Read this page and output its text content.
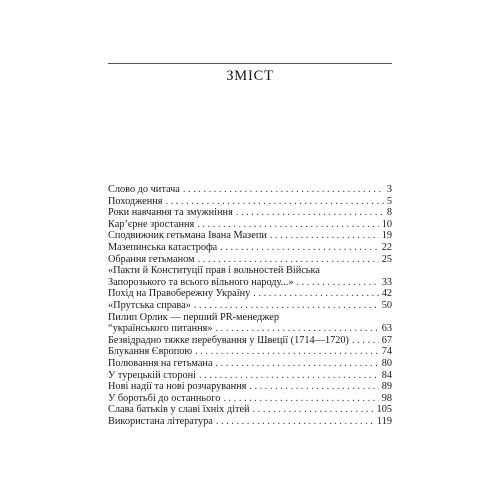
ЗМІСТ
Слово до читача . . .	3
Походження . . .	5
Роки навчання та змужніння . . .	8
Кар’єрне зростання . . .	10
Сподвижник гетьмана Івана Мазепи . . .	19
Мазепинська катастрофа . . .	22
Обрання гетьманом . . .	25
«Пакти й Конституції прав і вольностей Війська
Запорозького та всього вільного народу...» . . .	33
Похід на Правобережну Україну . . .	42
«Прутська справа» . . .	50
Пилип Орлик — перший PR-менеджер
“українського питання» . . .	63
Безвiдрадно тяжке перебування у Швеції (1714—1720) . . .	67
Блукання Європою . . .	74
Полювання на гетьмана . . .	80
У турецькій стороні . . .	84
Нові надії та нові розчарування . . .	89
У боротьбі до останнього . . .	98
Слава батьків у славі їхніх дітей . . .	105
Використана література . . .	119
